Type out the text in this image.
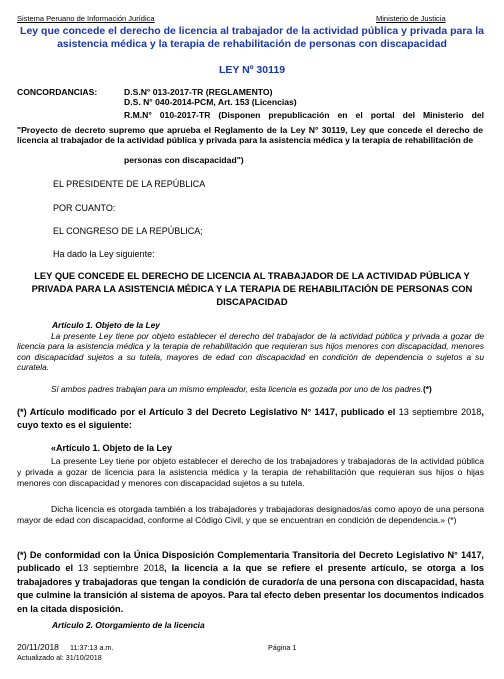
Sistema Peruano de Información Jurídica	Ministerio de Justicia
Ley que concede el derecho de licencia al trabajador de la actividad pública y privada para la asistencia médica y la terapia de rehabilitación de personas con discapacidad
LEY Nº 30119
CONCORDANCIAS:	D.S.N° 013-2017-TR (REGLAMENTO)
D.S. N° 040-2014-PCM, Art. 153 (Licencias)
R.M.N° 010-2017-TR (Disponen prepublicación en el portal del Ministerio del
"Proyecto de decreto supremo que aprueba el Reglamento de la Ley N° 30119, Ley que concede el derecho de licencia al trabajador de la actividad pública y privada para la asistencia médica y la terapia de rehabilitación de
personas con discapacidad")
EL PRESIDENTE DE LA REPÚBLICA
POR CUANTO:
EL CONGRESO DE LA REPÚBLICA;
Ha dado la Ley siguiente:
LEY QUE CONCEDE EL DERECHO DE LICENCIA AL TRABAJADOR DE LA ACTIVIDAD PÚBLICA Y PRIVADA PARA LA ASISTENCIA MÉDICA Y LA TERAPIA DE REHABILITACIÓN DE PERSONAS CON DISCAPACIDAD
Artículo 1. Objeto de la Ley
La presente Ley tiene por objeto establecer el derecho del trabajador de la actividad pública y privada a gozar de licencia para la asistencia médica y la terapia de rehabilitación que requieran sus hijos menores con discapacidad, menores con discapacidad sujetos a su tutela, mayores de edad con discapacidad en condición de dependencia o sujetos a su curatela.
Si ambos padres trabajan para un mismo empleador, esta licencia es gozada por uno de los padres.(*)
(*) Artículo modificado por el Artículo 3 del Decreto Legislativo N° 1417, publicado el 13 septiembre 2018, cuyo texto es el siguiente:
«Artículo 1. Objeto de la Ley
La presente Ley tiene por objeto establecer el derecho de los trabajadores y trabajadoras de la actividad pública y privada a gozar de licencia para la asistencia médica y la terapia de rehabilitación que requieran sus hijos o hijas menores con discapacidad y menores con discapacidad sujetos a su tutela.
Dicha licencia es otorgada también a los trabajadores y trabajadoras designados/as como apoyo de una persona mayor de edad con discapacidad, conforme al Código Civil, y que se encuentran en condición de dependencia.» (*)
(*) De conformidad con la Única Disposición Complementaria Transitoria del Decreto Legislativo N° 1417, publicado el 13 septiembre 2018, la licencia a la que se refiere el presente artículo, se otorga a los trabajadores y trabajadoras que tengan la condición de curador/a de una persona con discapacidad, hasta que culmine la transición al sistema de apoyos. Para tal efecto deben presentar los documentos indicados en la citada disposición.
Artículo 2. Otorgamiento de la licencia
20/11/2018 11:37:13 a.m.	Página 1
Actualizado al: 31/10/2018
